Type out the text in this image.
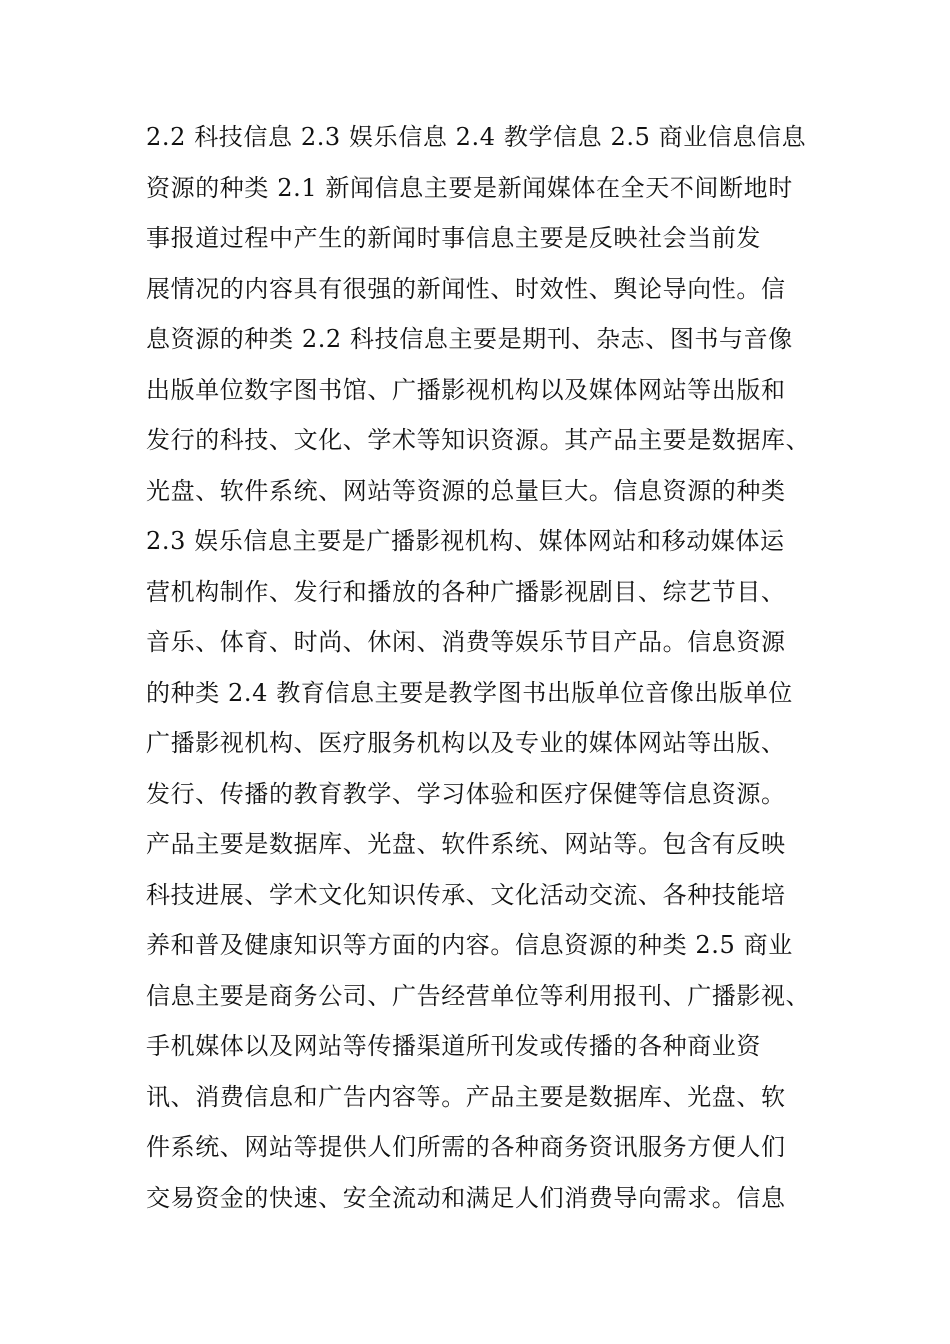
2.2 科技信息 2.3 娱乐信息 2.4 教学信息 2.5 商业信息信息
资源的种类 2.1 新闻信息主要是新闻媒体在全天不间断地时
事报道过程中产生的新闻时事信息主要是反映社会当前发
展情况的内容具有很强的新闻性、时效性、舆论导向性。信
息资源的种类 2.2 科技信息主要是期刊、杂志、图书与音像
出版单位数字图书馆、广播影视机构以及媒体网站等出版和
发行的科技、文化、学术等知识资源。其产品主要是数据库、
光盘、软件系统、网站等资源的总量巨大。信息资源的种类
2.3 娱乐信息主要是广播影视机构、媒体网站和移动媒体运
营机构制作、发行和播放的各种广播影视剧目、综艺节目、
音乐、体育、时尚、休闲、消费等娱乐节目产品。信息资源
的种类 2.4 教育信息主要是教学图书出版单位音像出版单位
广播影视机构、医疗服务机构以及专业的媒体网站等出版、
发行、传播的教育教学、学习体验和医疗保健等信息资源。
产品主要是数据库、光盘、软件系统、网站等。包含有反映
科技进展、学术文化知识传承、文化活动交流、各种技能培
养和普及健康知识等方面的内容。信息资源的种类 2.5 商业
信息主要是商务公司、广告经营单位等利用报刊、广播影视、
手机媒体以及网站等传播渠道所刊发或传播的各种商业资
讯、消费信息和广告内容等。产品主要是数据库、光盘、软
件系统、网站等提供人们所需的各种商务资讯服务方便人们
交易资金的快速、安全流动和满足人们消费导向需求。信息
